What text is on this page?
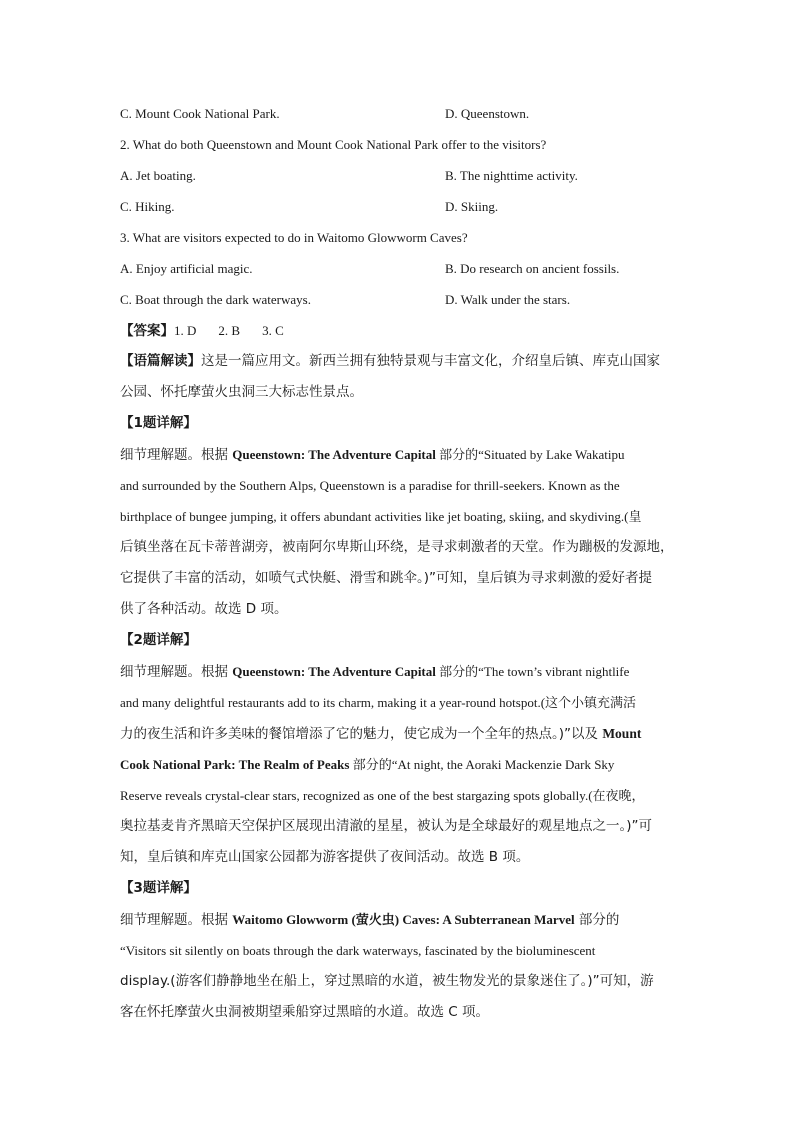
C. Mount Cook National Park.	D. Queenstown.
2. What do both Queenstown and Mount Cook National Park offer to the visitors?
A. Jet boating.	B. The nighttime activity.
C. Hiking.	D. Skiing.
3. What are visitors expected to do in Waitomo Glowworm Caves?
A. Enjoy artificial magic.	B. Do research on ancient fossils.
C. Boat through the dark waterways.	D. Walk under the stars.
【答案】1. D 2. B 3. C
【语篇解读】这是一篇应用文。新西兰拥有独特景观与丰富文化，介绍皇后镇、库克山国家
公园、怀托摩萤火虫洞三大标志性景点。
【1题详解】
细节理解题。根据 Queenstown: The Adventure Capital 部分的“Situated by Lake Wakatipu
and surrounded by the Southern Alps, Queenstown is a paradise for thrill-seekers. Known as the
birthplace of bungee jumping, it offers abundant activities like jet boating, skiing, and skydiving.(皇
后镇坐落在瓦卡蒂普湖旁，被南阿尔卑斯山环绕，是寻求刺激者的天堂。作为蹦极的发源地，
它提供了丰富的活动，如喷气式快艇、滑雪和跳伞。)”可知，皇后镇为寻求刺激的爱好者提
供了各种活动。故选 D 项。
【2题详解】
细节理解题。根据 Queenstown: The Adventure Capital 部分的“The town’s vibrant nightlife
and many delightful restaurants add to its charm, making it a year-round hotspot.(这个小镇充满活
力的夜生活和许多美味的餐馆增添了它的魅力，使它成为一个全年的热点。)”以及 Mount
Cook National Park: The Realm of Peaks 部分的“At night, the Aoraki Mackenzie Dark Sky
Reserve reveals crystal-clear stars, recognized as one of the best stargazing spots globally.(在夜晚，
奥拉基麦肯齐黑暗天空保护区展现出清澈的星星，被认为是全球最好的观星地点之一。)”可
知，皇后镇和库克山国家公园都为游客提供了夜间活动。故选 B 项。
【3题详解】
细节理解题。根据 Waitomo Glowworm (萤火虫) Caves: A Subterranean Marvel 部分的
“Visitors sit silently on boats through the dark waterways, fascinated by the bioluminescent
display.(游客们静静地坐在船上，穿过黑暗的水道，被生物发光的景象迷住了。)”可知，游
客在怀托摩萤火虫洞被期望乘船穿过黑暗的水道。故选 C 项。
